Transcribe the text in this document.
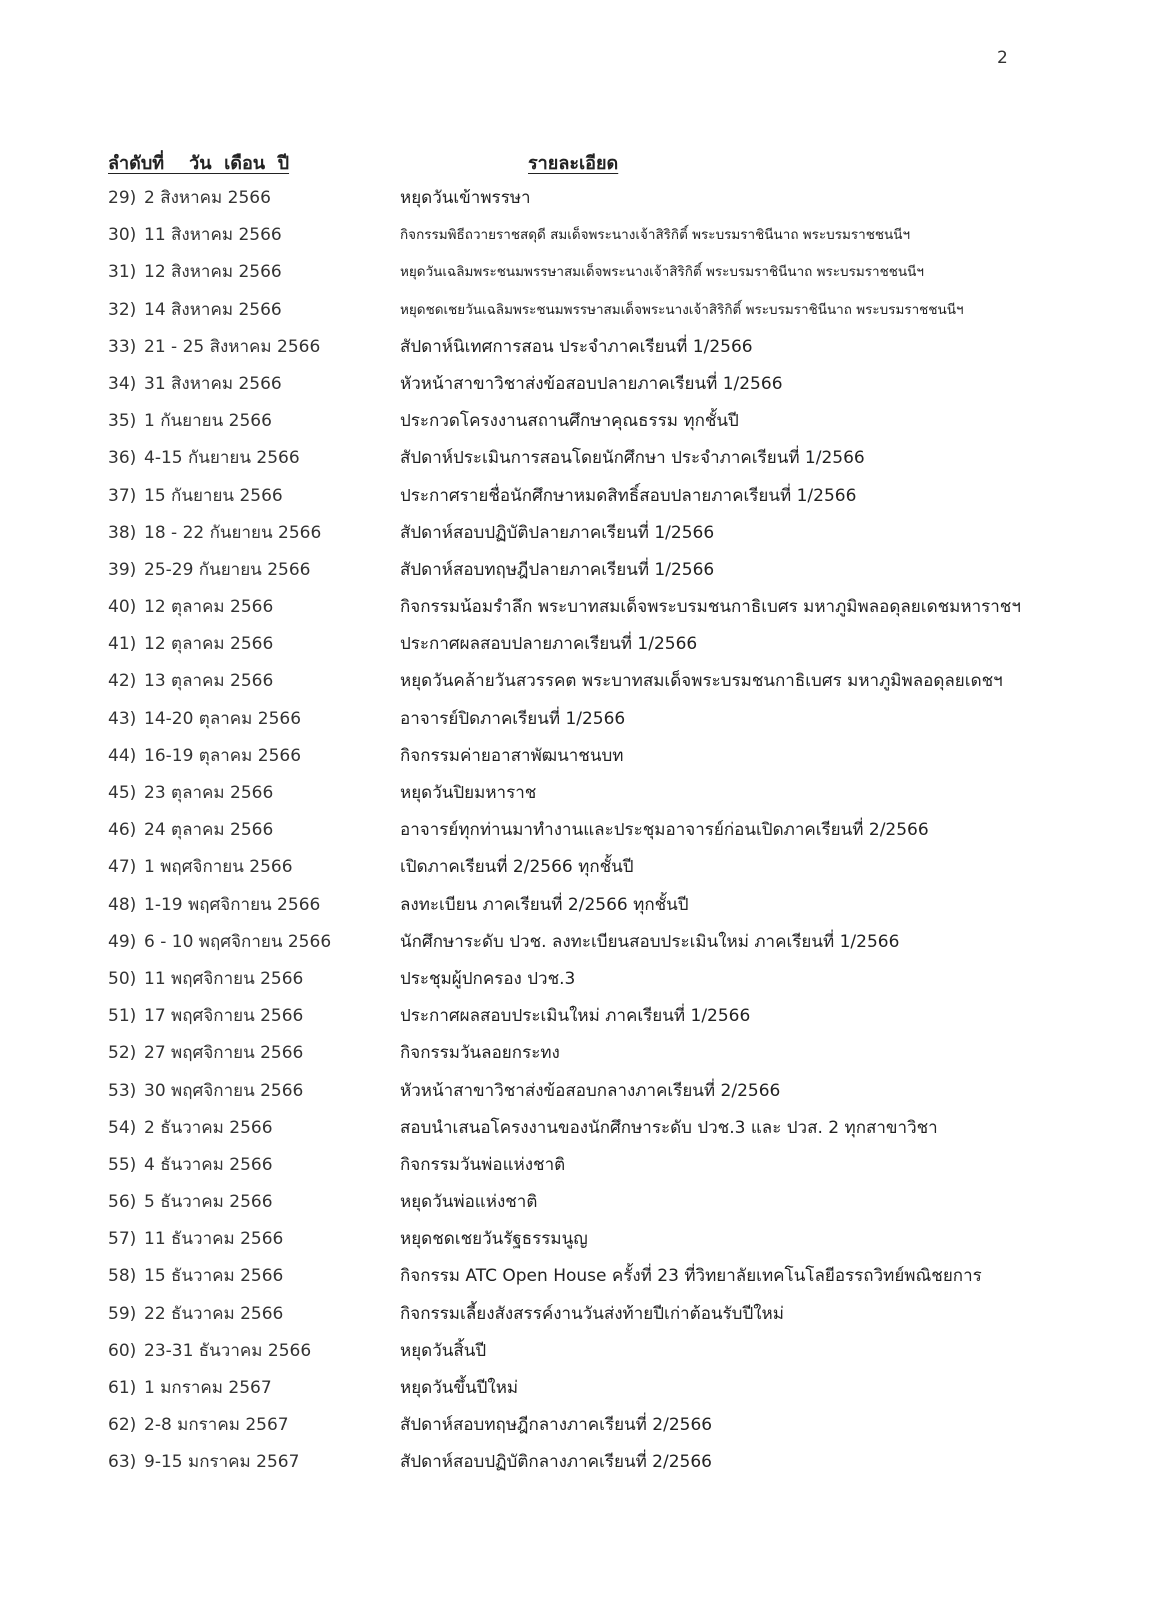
2
ลำดับที่    วัน  เดือน  ปี	รายละเอียด
29) 2 สิงหาคม 2566	หยุดวันเข้าพรรษา
30) 11 สิงหาคม 2566	กิจกรรมพิธีถวายราชสดุดี สมเด็จพระนางเจ้าสิริกิติ์ พระบรมราชินีนาถ พระบรมราชชนนีฯ
31) 12 สิงหาคม 2566	หยุดวันเฉลิมพระชนมพรรษาสมเด็จพระนางเจ้าสิริกิติ์ พระบรมราชินีนาถ พระบรมราชชนนีฯ
32) 14 สิงหาคม 2566	หยุดชดเชยวันเฉลิมพระชนมพรรษาสมเด็จพระนางเจ้าสิริกิติ์ พระบรมราชินีนาถ พระบรมราชชนนีฯ
33) 21 - 25 สิงหาคม 2566	สัปดาห์นิเทศการสอน ประจำภาคเรียนที่ 1/2566
34) 31 สิงหาคม 2566	หัวหน้าสาขาวิชาส่งข้อสอบปลายภาคเรียนที่ 1/2566
35) 1 กันยายน 2566	ประกวดโครงงานสถานศึกษาคุณธรรม ทุกชั้นปี
36) 4-15 กันยายน 2566	สัปดาห์ประเมินการสอนโดยนักศึกษา ประจำภาคเรียนที่ 1/2566
37) 15 กันยายน 2566	ประกาศรายชื่อนักศึกษาหมดสิทธิ์สอบปลายภาคเรียนที่ 1/2566
38) 18 - 22 กันยายน 2566	สัปดาห์สอบปฏิบัติปลายภาคเรียนที่ 1/2566
39) 25-29 กันยายน 2566	สัปดาห์สอบทฤษฎีปลายภาคเรียนที่ 1/2566
40) 12 ตุลาคม 2566	กิจกรรมน้อมรำลึก พระบาทสมเด็จพระบรมชนกาธิเบศร มหาภูมิพลอดุลยเดชมหาราชฯ
41) 12 ตุลาคม 2566	ประกาศผลสอบปลายภาคเรียนที่ 1/2566
42) 13 ตุลาคม 2566	หยุดวันคล้ายวันสวรรคต พระบาทสมเด็จพระบรมชนกาธิเบศร มหาภูมิพลอดุลยเดชฯ
43) 14-20 ตุลาคม 2566	อาจารย์ปิดภาคเรียนที่ 1/2566
44) 16-19 ตุลาคม 2566	กิจกรรมค่ายอาสาพัฒนาชนบท
45) 23 ตุลาคม 2566	หยุดวันปิยมหาราช
46) 24 ตุลาคม 2566	อาจารย์ทุกท่านมาทำงานและประชุมอาจารย์ก่อนเปิดภาคเรียนที่ 2/2566
47) 1 พฤศจิกายน 2566	เปิดภาคเรียนที่ 2/2566 ทุกชั้นปี
48) 1-19 พฤศจิกายน 2566	ลงทะเบียน ภาคเรียนที่ 2/2566 ทุกชั้นปี
49) 6 - 10 พฤศจิกายน 2566	นักศึกษาระดับ ปวช. ลงทะเบียนสอบประเมินใหม่ ภาคเรียนที่ 1/2566
50) 11 พฤศจิกายน 2566	ประชุมผู้ปกครอง ปวช.3
51) 17 พฤศจิกายน 2566	ประกาศผลสอบประเมินใหม่ ภาคเรียนที่ 1/2566
52) 27 พฤศจิกายน 2566	กิจกรรมวันลอยกระทง
53) 30 พฤศจิกายน 2566	หัวหน้าสาขาวิชาส่งข้อสอบกลางภาคเรียนที่ 2/2566
54) 2 ธันวาคม 2566	สอบนำเสนอโครงงานของนักศึกษาระดับ ปวช.3 และ ปวส. 2 ทุกสาขาวิชา
55) 4 ธันวาคม 2566	กิจกรรมวันพ่อแห่งชาติ
56) 5 ธันวาคม 2566	หยุดวันพ่อแห่งชาติ
57) 11 ธันวาคม 2566	หยุดชดเชยวันรัฐธรรมนูญ
58) 15 ธันวาคม 2566	กิจกรรม ATC Open House ครั้งที่ 23 ที่วิทยาลัยเทคโนโลยีอรรถวิทย์พณิชยการ
59) 22 ธันวาคม 2566	กิจกรรมเลี้ยงสังสรรค์งานวันส่งท้ายปีเก่าต้อนรับปีใหม่
60) 23-31 ธันวาคม 2566	หยุดวันสิ้นปี
61) 1 มกราคม 2567	หยุดวันขึ้นปีใหม่
62) 2-8 มกราคม 2567	สัปดาห์สอบทฤษฎีกลางภาคเรียนที่ 2/2566
63) 9-15 มกราคม 2567	สัปดาห์สอบปฏิบัติกลางภาคเรียนที่ 2/2566
